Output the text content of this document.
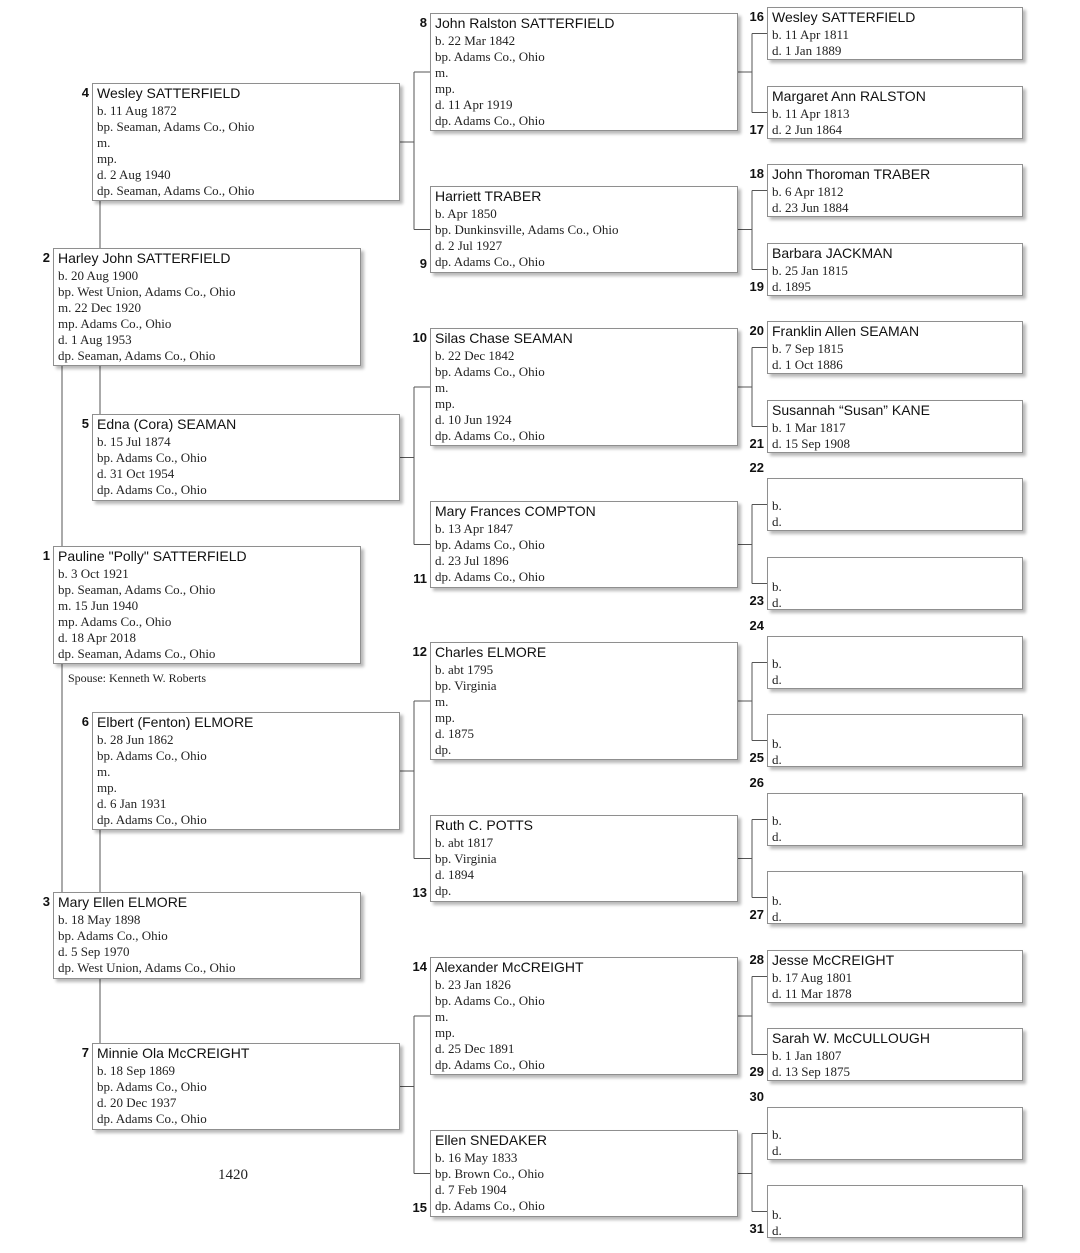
Pauline "Polly" SATTERFIELD
b. 3 Oct 1921
bp. Seaman, Adams Co., Ohio
m. 15 Jun 1940
mp. Adams Co., Ohio
d. 18 Apr 2018
dp. Seaman, Adams Co., Ohio
1
Harley John SATTERFIELD
b. 20 Aug 1900
bp. West Union, Adams Co., Ohio
m. 22 Dec 1920
mp. Adams Co., Ohio
d. 1 Aug 1953
dp. Seaman, Adams Co., Ohio
2
Mary Ellen ELMORE
b. 18 May 1898
bp. Adams Co., Ohio
d. 5 Sep 1970
dp. West Union, Adams Co., Ohio
3
Wesley SATTERFIELD
b. 11 Aug 1872
bp. Seaman, Adams Co., Ohio
m.
mp.
d. 2 Aug 1940
dp. Seaman, Adams Co., Ohio
4
Edna (Cora) SEAMAN
b. 15 Jul 1874
bp. Adams Co., Ohio
d. 31 Oct 1954
dp. Adams Co., Ohio
5
Elbert (Fenton) ELMORE
b. 28 Jun 1862
bp. Adams Co., Ohio
m.
mp.
d. 6 Jan 1931
dp. Adams Co., Ohio
6
Minnie Ola McCREIGHT
b. 18 Sep 1869
bp. Adams Co., Ohio
d. 20 Dec 1937
dp. Adams Co., Ohio
7
John Ralston SATTERFIELD
b. 22 Mar 1842
bp. Adams Co., Ohio
m.
mp.
d. 11 Apr 1919
dp. Adams Co., Ohio
8
Harriett TRABER
b. Apr 1850
bp. Dunkinsville, Adams Co., Ohio
d. 2 Jul 1927
dp. Adams Co., Ohio
9
Silas Chase SEAMAN
b. 22 Dec 1842
bp. Adams Co., Ohio
m.
mp.
d. 10 Jun 1924
dp. Adams Co., Ohio
10
Mary Frances COMPTON
b. 13 Apr 1847
bp. Adams Co., Ohio
d. 23 Jul 1896
dp. Adams Co., Ohio
11
Charles ELMORE
b. abt 1795
bp. Virginia
m.
mp.
d. 1875
dp.
12
Ruth C. POTTS
b. abt 1817
bp. Virginia
d. 1894
dp.
13
Alexander McCREIGHT
b. 23 Jan 1826
bp. Adams Co., Ohio
m.
mp.
d. 25 Dec 1891
dp. Adams Co., Ohio
14
Ellen SNEDAKER
b. 16 May 1833
bp. Brown Co., Ohio
d. 7 Feb 1904
dp. Adams Co., Ohio
15
Wesley SATTERFIELD
b. 11 Apr 1811
d. 1 Jan 1889
16
Margaret Ann RALSTON
b. 11 Apr 1813
d. 2 Jun 1864
17
John Thoroman TRABER
b. 6 Apr 1812
d. 23 Jun 1884
18
Barbara JACKMAN
b. 25 Jan 1815
d. 1895
19
Franklin Allen SEAMAN
b. 7 Sep 1815
d. 1 Oct 1886
20
Susannah “Susan” KANE
b. 1 Mar 1817
d. 15 Sep 1908
21
b.
d.
22
b.
d.
23
b.
d.
24
b.
d.
25
b.
d.
26
b.
d.
27
Jesse McCREIGHT
b. 17 Aug 1801
d. 11 Mar 1878
28
Sarah W. McCULLOUGH
b. 1 Jan 1807
d. 13 Sep 1875
29
b.
d.
30
b.
d.
31
Spouse: Kenneth W. Roberts
1420
